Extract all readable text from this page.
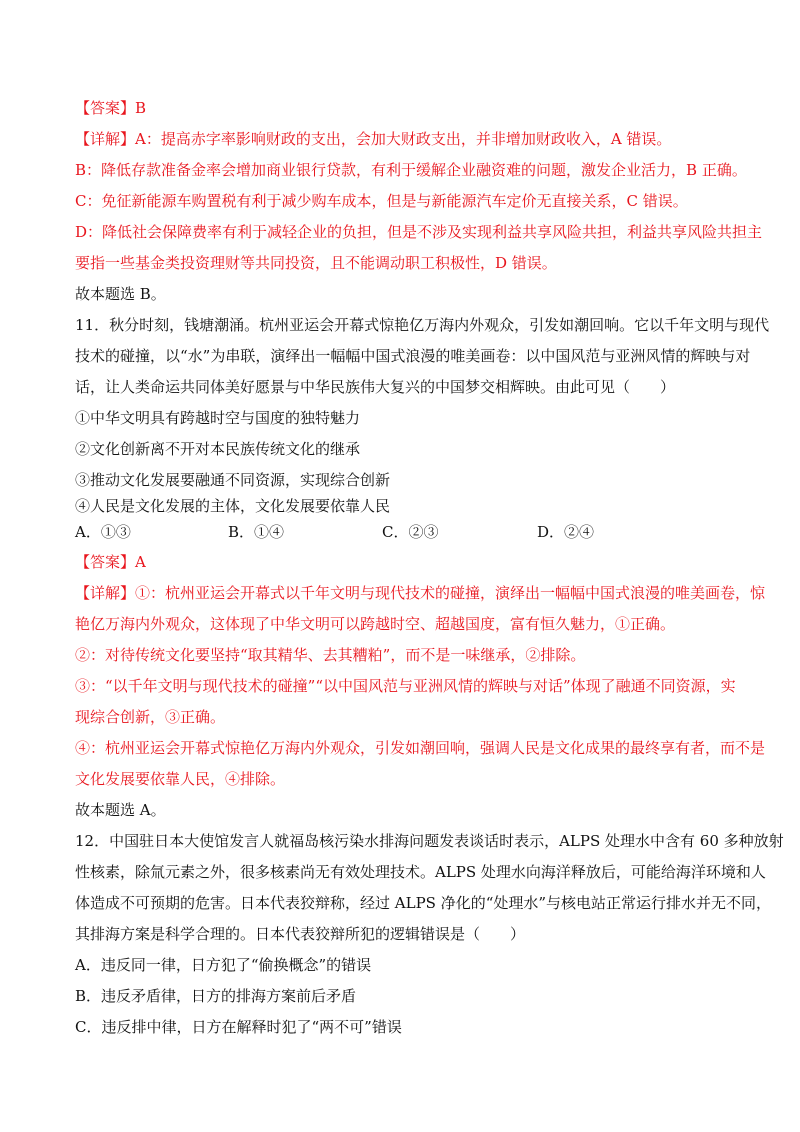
【答案】B
【详解】A：提高赤字率影响财政的支出，会加大财政支出，并非增加财政收入，A 错误。
B：降低存款准备金率会增加商业银行贷款，有利于缓解企业融资难的问题，激发企业活力，B 正确。
C：免征新能源车购置税有利于减少购车成本，但是与新能源汽车定价无直接关系，C 错误。
D：降低社会保障费率有利于减轻企业的负担，但是不涉及实现利益共享风险共担，利益共享风险共担主
要指一些基金类投资理财等共同投资，且不能调动职工积极性，D 错误。
故本题选 B。
11．秋分时刻，钱塘潮涌。杭州亚运会开幕式惊艳亿万海内外观众，引发如潮回响。它以千年文明与现代
技术的碰撞，以“水”为串联，演绎出一幅幅中国式浪漫的唯美画卷：以中国风范与亚洲风情的辉映与对
话，让人类命运共同体美好愿景与中华民族伟大复兴的中国梦交相辉映。由此可见（　　）
①中华文明具有跨越时空与国度的独特魅力
②文化创新离不开对本民族传统文化的继承
③推动文化发展要融通不同资源，实现综合创新
④人民是文化发展的主体，文化发展要依靠人民
A．①③	B．①④	C．②③	D．②④
【答案】A
【详解】①：杭州亚运会开幕式以千年文明与现代技术的碰撞，演绎出一幅幅中国式浪漫的唯美画卷，惊
艳亿万海内外观众，这体现了中华文明可以跨越时空、超越国度，富有恒久魅力，①正确。
②：对待传统文化要坚持“取其精华、去其糟粕”，而不是一味继承，②排除。
③：“以千年文明与现代技术的碰撞”“以中国风范与亚洲风情的辉映与对话”体现了融通不同资源，实
现综合创新，③正确。
④：杭州亚运会开幕式惊艳亿万海内外观众，引发如潮回响，强调人民是文化成果的最终享有者，而不是
文化发展要依靠人民，④排除。
故本题选 A。
12．中国驻日本大使馆发言人就福岛核污染水排海问题发表谈话时表示，ALPS 处理水中含有 60 多种放射
性核素，除氚元素之外，很多核素尚无有效处理技术。ALPS 处理水向海洋释放后，可能给海洋环境和人
体造成不可预期的危害。日本代表狡辩称，经过 ALPS 净化的“处理水”与核电站正常运行排水并无不同，
其排海方案是科学合理的。日本代表狡辩所犯的逻辑错误是（　　）
A．违反同一律，日方犯了“偷换概念”的错误
B．违反矛盾律，日方的排海方案前后矛盾
C．违反排中律，日方在解释时犯了“两不可”错误
